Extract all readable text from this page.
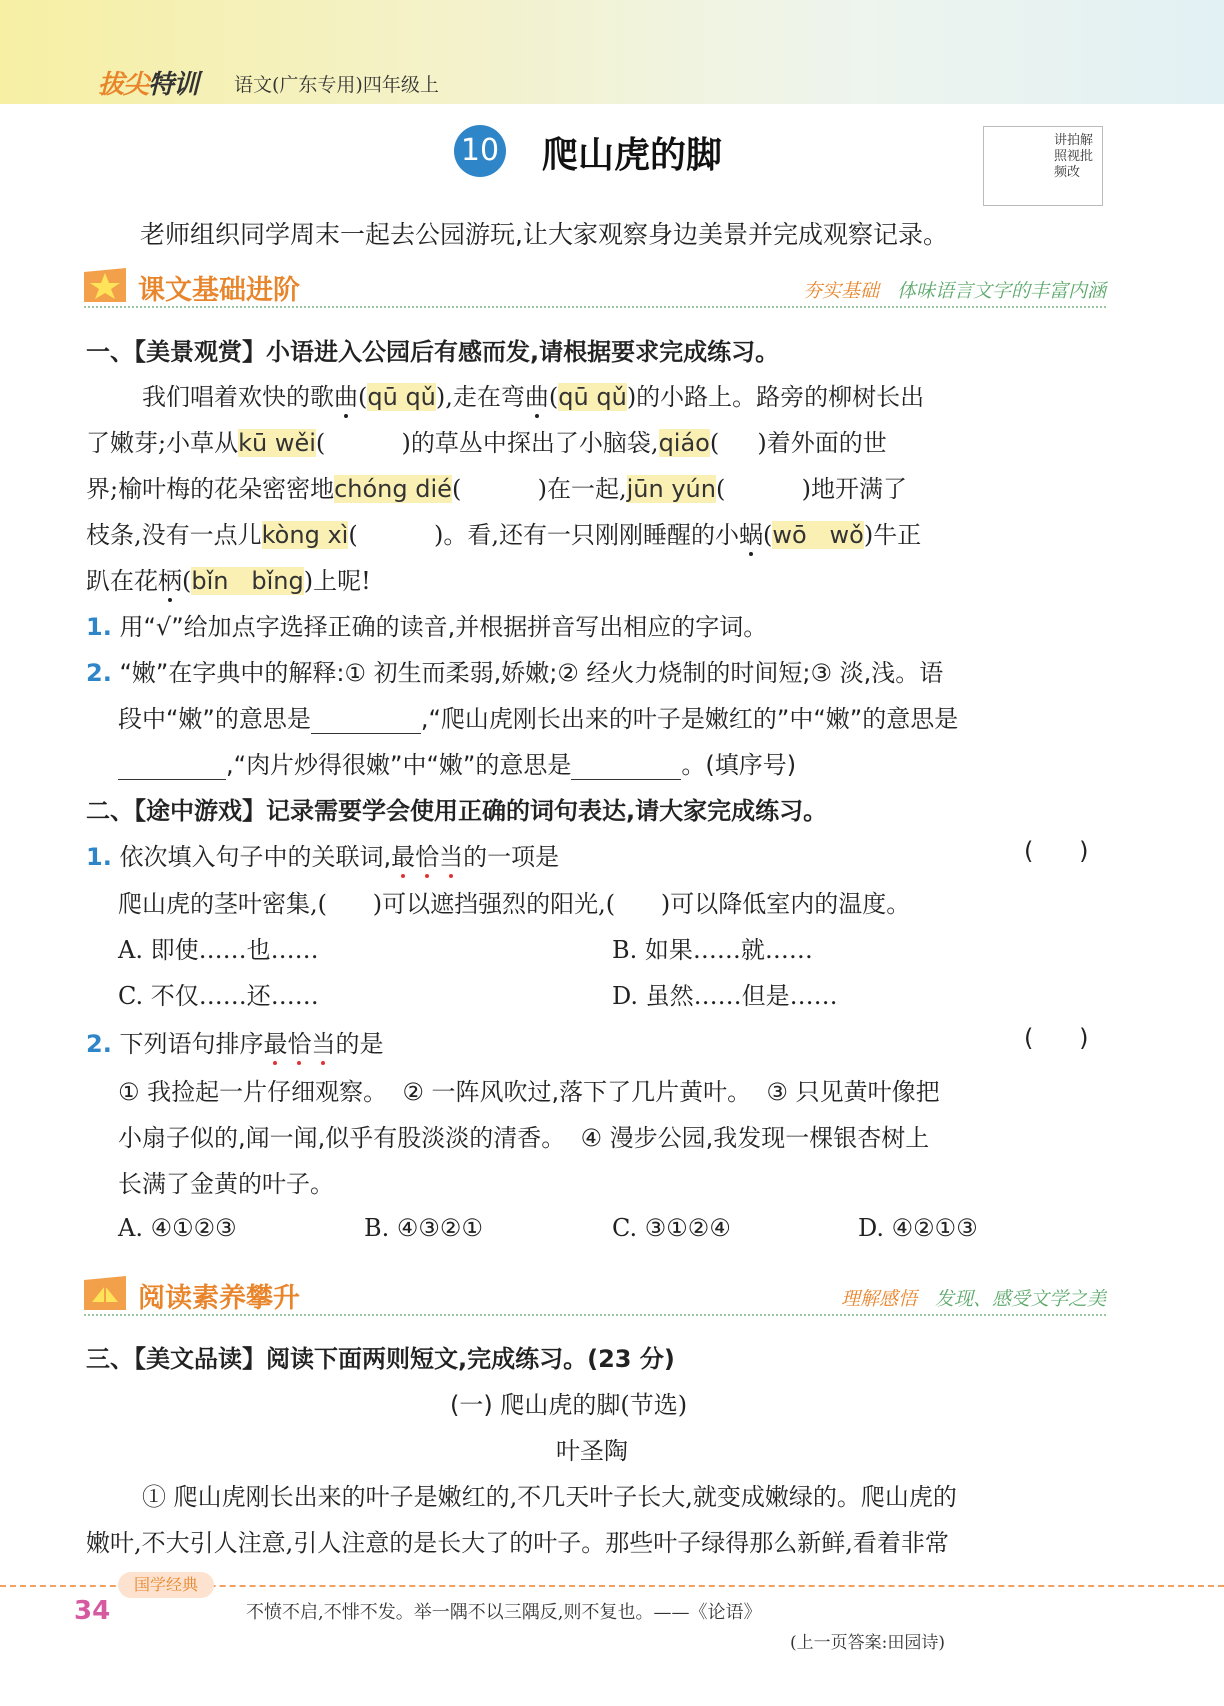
拔尖特训 语文(广东专用)四年级上
10 爬山虎的脚	讲拍解照视批频改
老师组织同学周末一起去公园游玩,让大家观察身边美景并完成观察记录。
课文基础进阶	夯实基础 体味语言文字的丰富内涵
一、【美景观赏】小语进入公园后有感而发,请根据要求完成练习。
我们唱着欢快的歌曲(qū qǔ),走在弯曲(qū qǔ)的小路上。路旁的柳树长出
了嫩芽;小草从kū wěi(          )的草丛中探出了小脑袋,qiáo(     )着外面的世
界;榆叶梅的花朵密密地chóng dié(          )在一起,jūn yún(          )地开满了
枝条,没有一点儿kòng xì(          )。看,还有一只刚刚睡醒的小蜗(wō   wǒ)牛正
趴在花柄(bǐn   bǐng)上呢!
1. 用“√”给加点字选择正确的读音,并根据拼音写出相应的字词。
2. “嫩”在字典中的解释:① 初生而柔弱,娇嫩;② 经火力烧制的时间短;③ 淡,浅。语
段中“嫩”的意思是	,“爬山虎刚长出来的叶子是嫩红的”中“嫩”的意思是
,“肉片炒得很嫩”中“嫩”的意思是	。(填序号)
二、【途中游戏】记录需要学会使用正确的词句表达,请大家完成练习。
1. 依次填入句子中的关联词,最恰当的一项是	(      )
爬山虎的茎叶密集,(      )可以遮挡强烈的阳光,(      )可以降低室内的温度。
A. 即使……也……	B. 如果……就……
C. 不仅……还……	D. 虽然……但是……
2. 下列语句排序最恰当的是	(      )
① 我捡起一片仔细观察。  ② 一阵风吹过,落下了几片黄叶。  ③ 只见黄叶像把
小扇子似的,闻一闻,似乎有股淡淡的清香。  ④ 漫步公园,我发现一棵银杏树上
长满了金黄的叶子。
A. ④①②③	B. ④③②①	C. ③①②④	D. ④②①③
阅读素养攀升	理解感悟 发现、感受文学之美
三、【美文品读】阅读下面两则短文,完成练习。(23 分)
(一) 爬山虎的脚(节选)
叶圣陶
① 爬山虎刚长出来的叶子是嫩红的,不几天叶子长大,就变成嫩绿的。爬山虎的
嫩叶,不大引人注意,引人注意的是长大了的叶子。那些叶子绿得那么新鲜,看着非常
国学经典
34	不愤不启,不悱不发。举一隅不以三隅反,则不复也。——《论语》
(上一页答案:田园诗)
